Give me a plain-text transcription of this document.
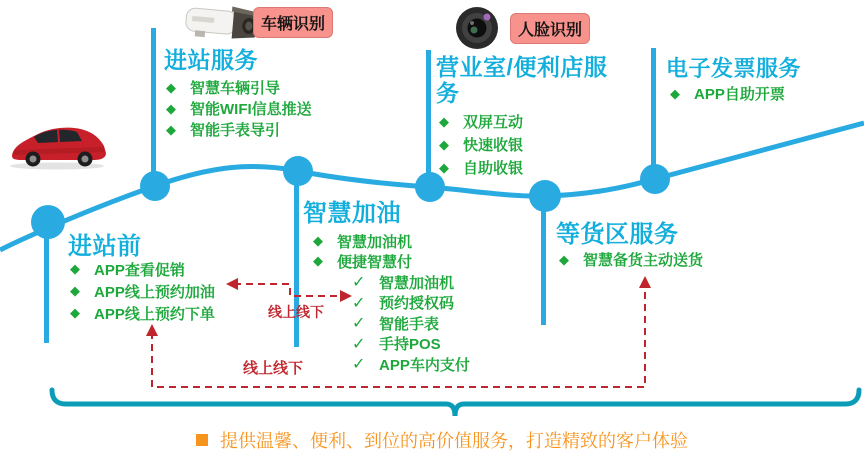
车辆识别	人脸识别
进站服务
◆ 智慧车辆引导
◆ 智能WIFI信息推送
◆ 智能手表导引
营业室/便利店服务
◆ 双屏互动
◆ 快速收银
◆ 自助收银
电子发票服务
◆ APP自助开票
进站前
◆ APP查看促销
◆ APP线上预约加油
◆ APP线上预约下单
智慧加油
◆ 智慧加油机
◆ 便捷智慧付
✓ 智慧加油机
✓ 预约授权码
✓ 智能手表
✓ 手持POS
✓ APP车内支付
等货区服务
◆ 智慧备货主动送货
线上线下
线上线下
提供温馨、便利、到位的高价值服务，打造精致的客户体验
